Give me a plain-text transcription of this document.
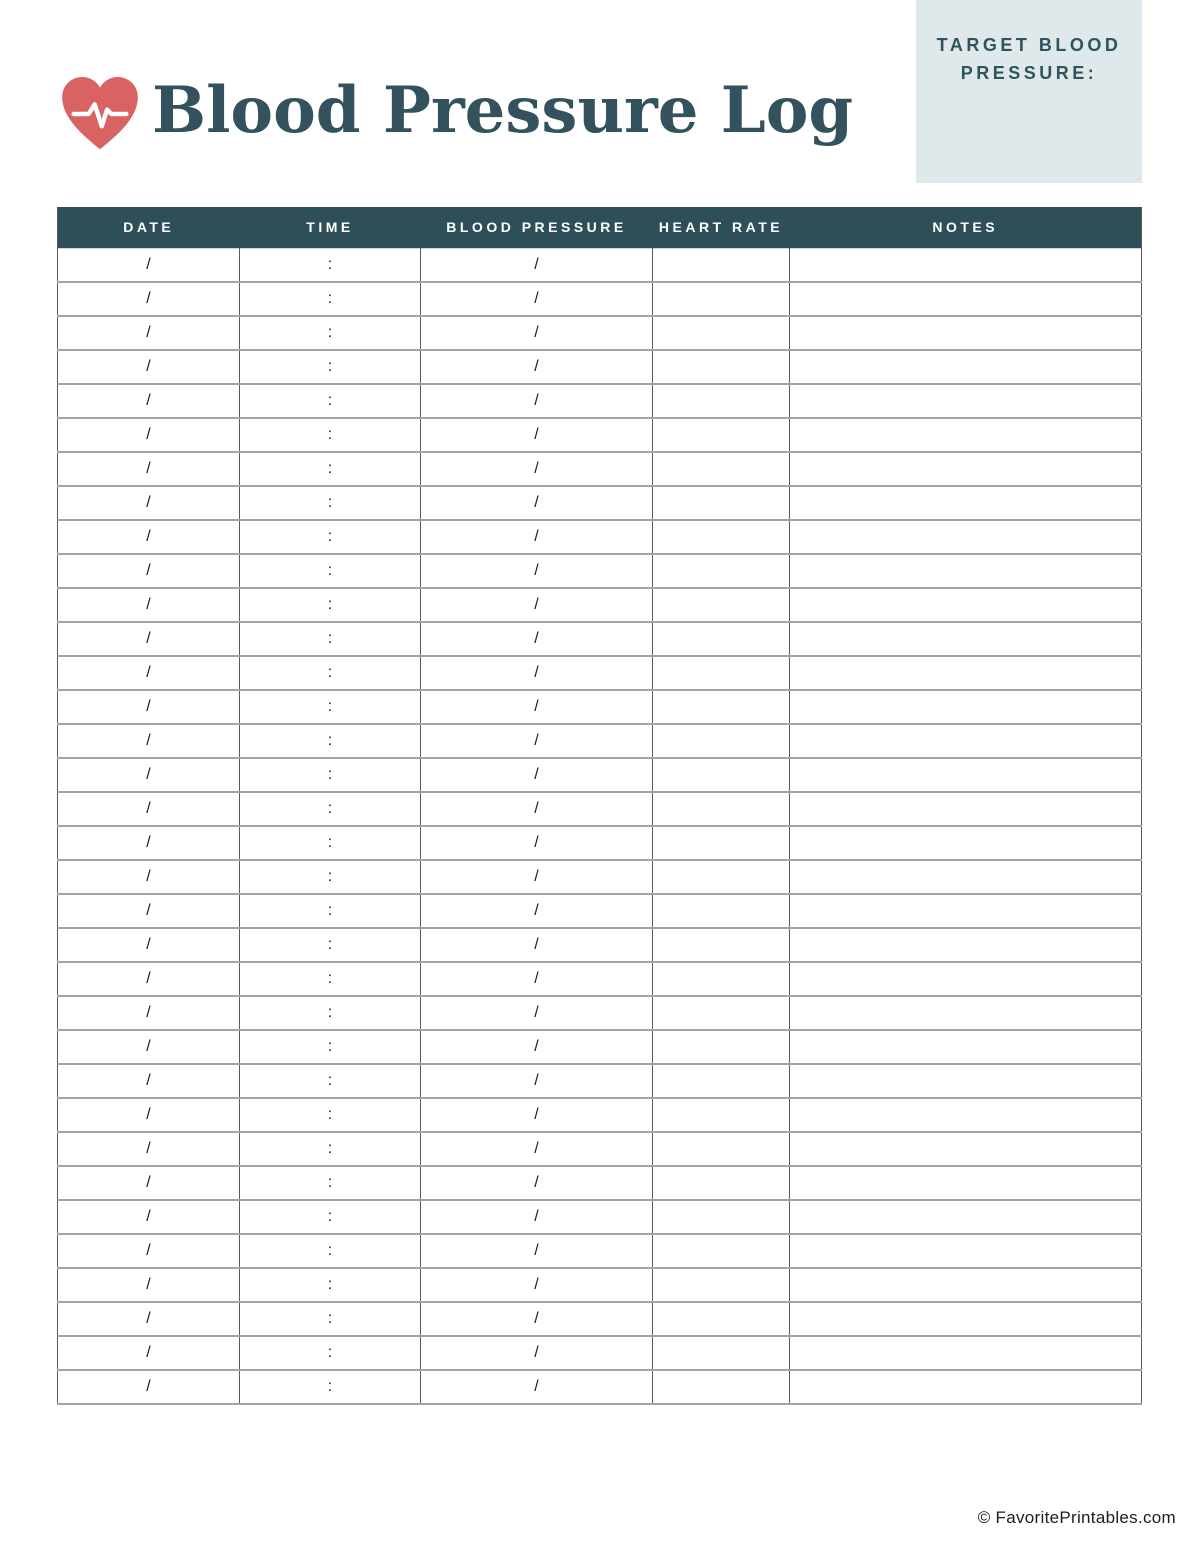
Blood Pressure Log
TARGET BLOOD PRESSURE:
DATE	TIME	BLOOD PRESSURE	HEART RATE	NOTES
/	:	/		
/	:	/		
/	:	/		
/	:	/		
/	:	/		
/	:	/		
/	:	/		
/	:	/		
/	:	/		
/	:	/		
/	:	/		
/	:	/		
/	:	/		
/	:	/		
/	:	/		
/	:	/		
/	:	/		
/	:	/		
/	:	/		
/	:	/		
/	:	/		
/	:	/		
/	:	/		
/	:	/		
/	:	/		
/	:	/		
/	:	/		
/	:	/		
/	:	/		
/	:	/		
/	:	/		
/	:	/		
/	:	/		
/	:	/		
© FavoritePrintables.com
